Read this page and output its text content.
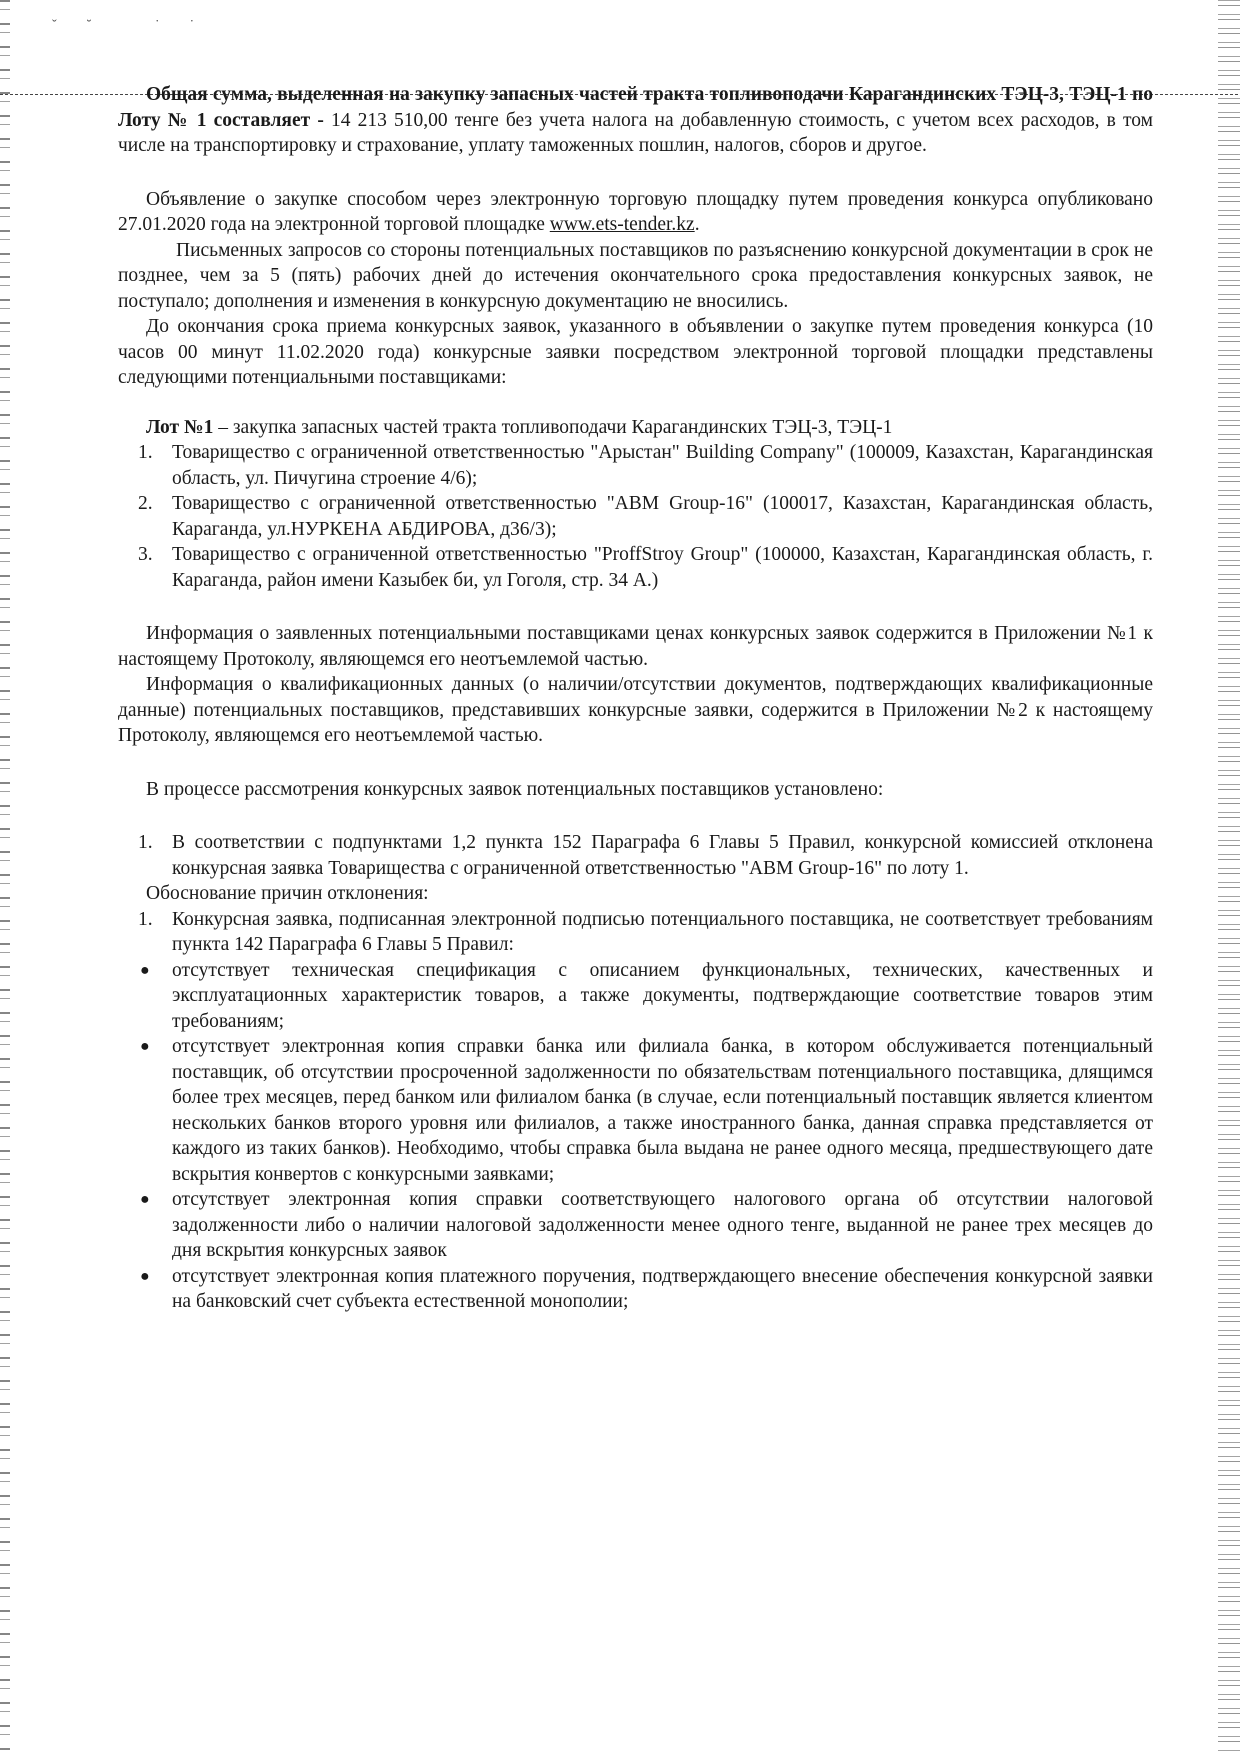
ˇ˘ ˙˙

Общая сумма, выделенная на закупку запасных частей тракта топливоподачи Карагандинских ТЭЦ-3, ТЭЦ-1 по Лоту № 1 составляет - 14 213 510,00 тенге без учета налога на добавленную стоимость, с учетом всех расходов, в том числе на транспортировку и страхование, уплату таможенных пошлин, налогов, сборов и другое.

Объявление о закупке способом через электронную торговую площадку путем проведения конкурса опубликовано 27.01.2020 года на электронной торговой площадке www.ets-tender.kz.

Письменных запросов со стороны потенциальных поставщиков по разъяснению конкурсной документации в срок не позднее, чем за 5 (пять) рабочих дней до истечения окончательного срока предоставления конкурсных заявок, не поступало; дополнения и изменения в конкурсную документацию не вносились.

До окончания срока приема конкурсных заявок, указанного в объявлении о закупке путем проведения конкурса (10 часов 00 минут 11.02.2020 года) конкурсные заявки посредством электронной торговой площадки представлены следующими потенциальными поставщиками:

Лот №1 – закупка запасных частей тракта топливоподачи Карагандинских ТЭЦ-3, ТЭЦ-1

1. Товарищество с ограниченной ответственностью "Арыстан" Building Company" (100009, Казахстан, Карагандинская область, ул. Пичугина строение 4/6);
2. Товарищество с ограниченной ответственностью "ABM Group-16" (100017, Казахстан, Карагандинская область, Караганда, ул.НУРКЕНА АБДИРОВА, д36/3);
3. Товарищество с ограниченной ответственностью "ProffStroy Group" (100000, Казахстан, Карагандинская область, г. Караганда, район имени Казыбек би, ул Гоголя, стр. 34 А.)

Информация о заявленных потенциальными поставщиками ценах конкурсных заявок содержится в Приложении №1 к настоящему Протоколу, являющемся его неотъемлемой частью.

Информация о квалификационных данных (о наличии/отсутствии документов, подтверждающих квалификационные данные) потенциальных поставщиков, представивших конкурсные заявки, содержится в Приложении №2 к настоящему Протоколу, являющемся его неотъемлемой частью.

В процессе рассмотрения конкурсных заявок потенциальных поставщиков установлено:

1. В соответствии с подпунктами 1,2 пункта 152 Параграфа 6 Главы 5 Правил, конкурсной комиссией отклонена конкурсная заявка Товарищества с ограниченной ответственностью "ABM Group-16" по лоту 1.

Обоснование причин отклонения:

1. Конкурсная заявка, подписанная электронной подписью потенциального поставщика, не соответствует требованиям пункта 142 Параграфа 6 Главы 5 Правил:
● отсутствует техническая спецификация с описанием функциональных, технических, качественных и эксплуатационных характеристик товаров, а также документы, подтверждающие соответствие товаров этим требованиям;
● отсутствует электронная копия справки банка или филиала банка, в котором обслуживается потенциальный поставщик, об отсутствии просроченной задолженности по обязательствам потенциального поставщика, длящимся более трех месяцев, перед банком или филиалом банка (в случае, если потенциальный поставщик является клиентом нескольких банков второго уровня или филиалов, а также иностранного банка, данная справка представляется от каждого из таких банков). Необходимо, чтобы справка была выдана не ранее одного месяца, предшествующего дате вскрытия конвертов с конкурсными заявками;
● отсутствует электронная копия справки соответствующего налогового органа об отсутствии налоговой задолженности либо о наличии налоговой задолженности менее одного тенге, выданной не ранее трех месяцев до дня вскрытия конкурсных заявок
● отсутствует электронная копия платежного поручения, подтверждающего внесение обеспечения конкурсной заявки на банковский счет субъекта естественной монополии;
